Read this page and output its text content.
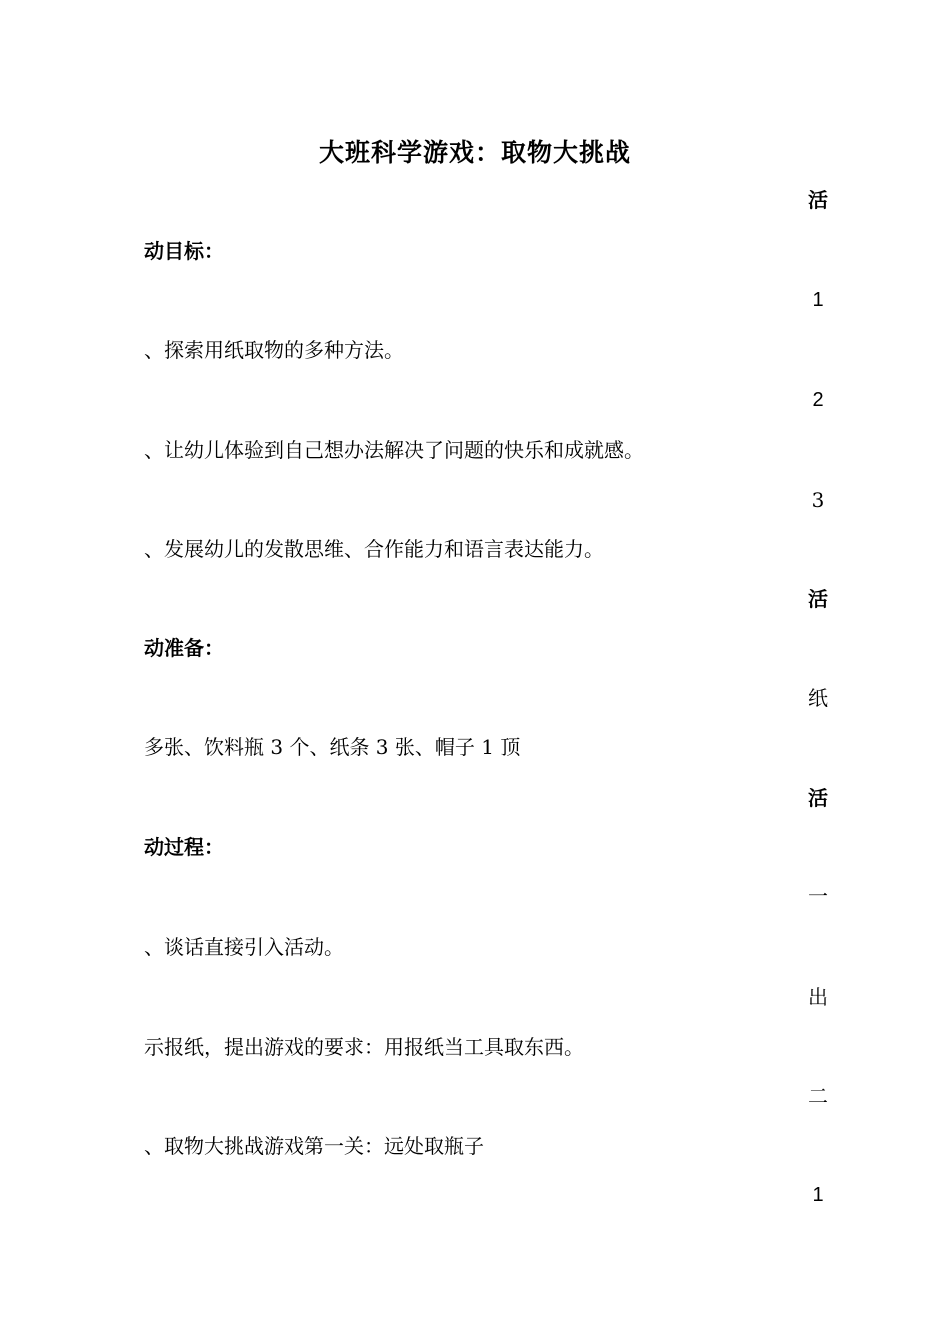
大班科学游戏：取物大挑战
活
1
2
3
活
纸
活
一
出
二
1
动目标：
、探索用纸取物的多种方法。
、让幼儿体验到自己想办法解决了问题的快乐和成就感。
、发展幼儿的发散思维、合作能力和语言表达能力。
动准备：
多张、饮料瓶 3 个、纸条 3 张、帽子 1 顶
动过程：
、谈话直接引入活动。
示报纸，提出游戏的要求：用报纸当工具取东西。
、取物大挑战游戏第一关：远处取瓶子
